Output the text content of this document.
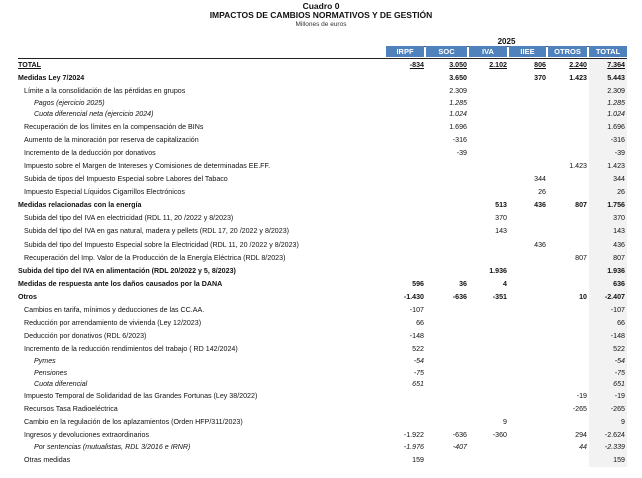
Cuadro 0
IMPACTOS DE CAMBIOS NORMATIVOS Y DE GESTIÓN
Millones de euros
2025
IRPF	SOC	IVA	IIEE	OTROS	TOTAL
TOTAL	-834	3.050	2.102	806	2.240	7.364
Medidas Ley 7/2024		3.650		370	1.423	5.443
Límite a la consolidación de las pérdidas en grupos		2.309				2.309
Pagos (ejercicio 2025)		1.285				1.285
Cuota diferencial neta (ejercicio 2024)		1.024				1.024
Recuperación de los límites en la compensación de BINs		1.696				1.696
Aumento de la minoración por reserva de capitalización		-316				-316
Incremento de la deducción por donativos		-39				-39
Impuesto sobre el Margen de Intereses y Comisiones de determinadas EE.FF.					1.423	1.423
Subida de tipos del Impuesto Especial sobre Labores del Tabaco				344		344
Impuesto Especial Líquidos Cigarrillos Electrónicos				26		26
Medidas relacionadas con la energía			513	436	807	1.756
Subida del tipo del IVA en electricidad (RDL 11, 20 /2022 y 8/2023)			370			370
Subida del tipo del IVA en gas natural, madera y pellets (RDL 17, 20 /2022 y 8/2023)			143			143
Subida del tipo del Impuesto Especial sobre la Electricidad (RDL 11, 20 /2022 y 8/2023)				436		436
Recuperación del Imp. Valor de la Producción de la Energía Eléctrica (RDL 8/2023)					807	807
Subida del tipo del IVA en alimentación (RDL 20/2022 y 5, 8/2023)			1.936			1.936
Medidas de respuesta ante los daños causados por la DANA	596	36	4			636
Otros	-1.430	-636	-351		10	-2.407
Cambios en tarifa, mínimos y deducciones de las CC.AA.	-107					-107
Reducción por arrendamiento de vivienda (Ley 12/2023)	66					66
Deducción por donativos (RDL 6/2023)	-148					-148
Incremento de la reducción rendimientos del trabajo ( RD 142/2024)	522					522
Pymes	-54					-54
Pensiones	-75					-75
Cuota diferencial	651					651
Impuesto Temporal de Solidaridad de las Grandes Fortunas (Ley 38/2022)					-19	-19
Recursos Tasa Radioeléctrica					-265	-265
Cambio en la regulación de los aplazamientos (Orden HFP/311/2023)			9			9
Ingresos y devoluciones extraordinarios	-1.922	-636	-360		294	-2.624
Por sentencias (mutualistas, RDL 3/2016 e IRNR)	-1.976	-407			44	-2.339
Otras medidas	159					159
